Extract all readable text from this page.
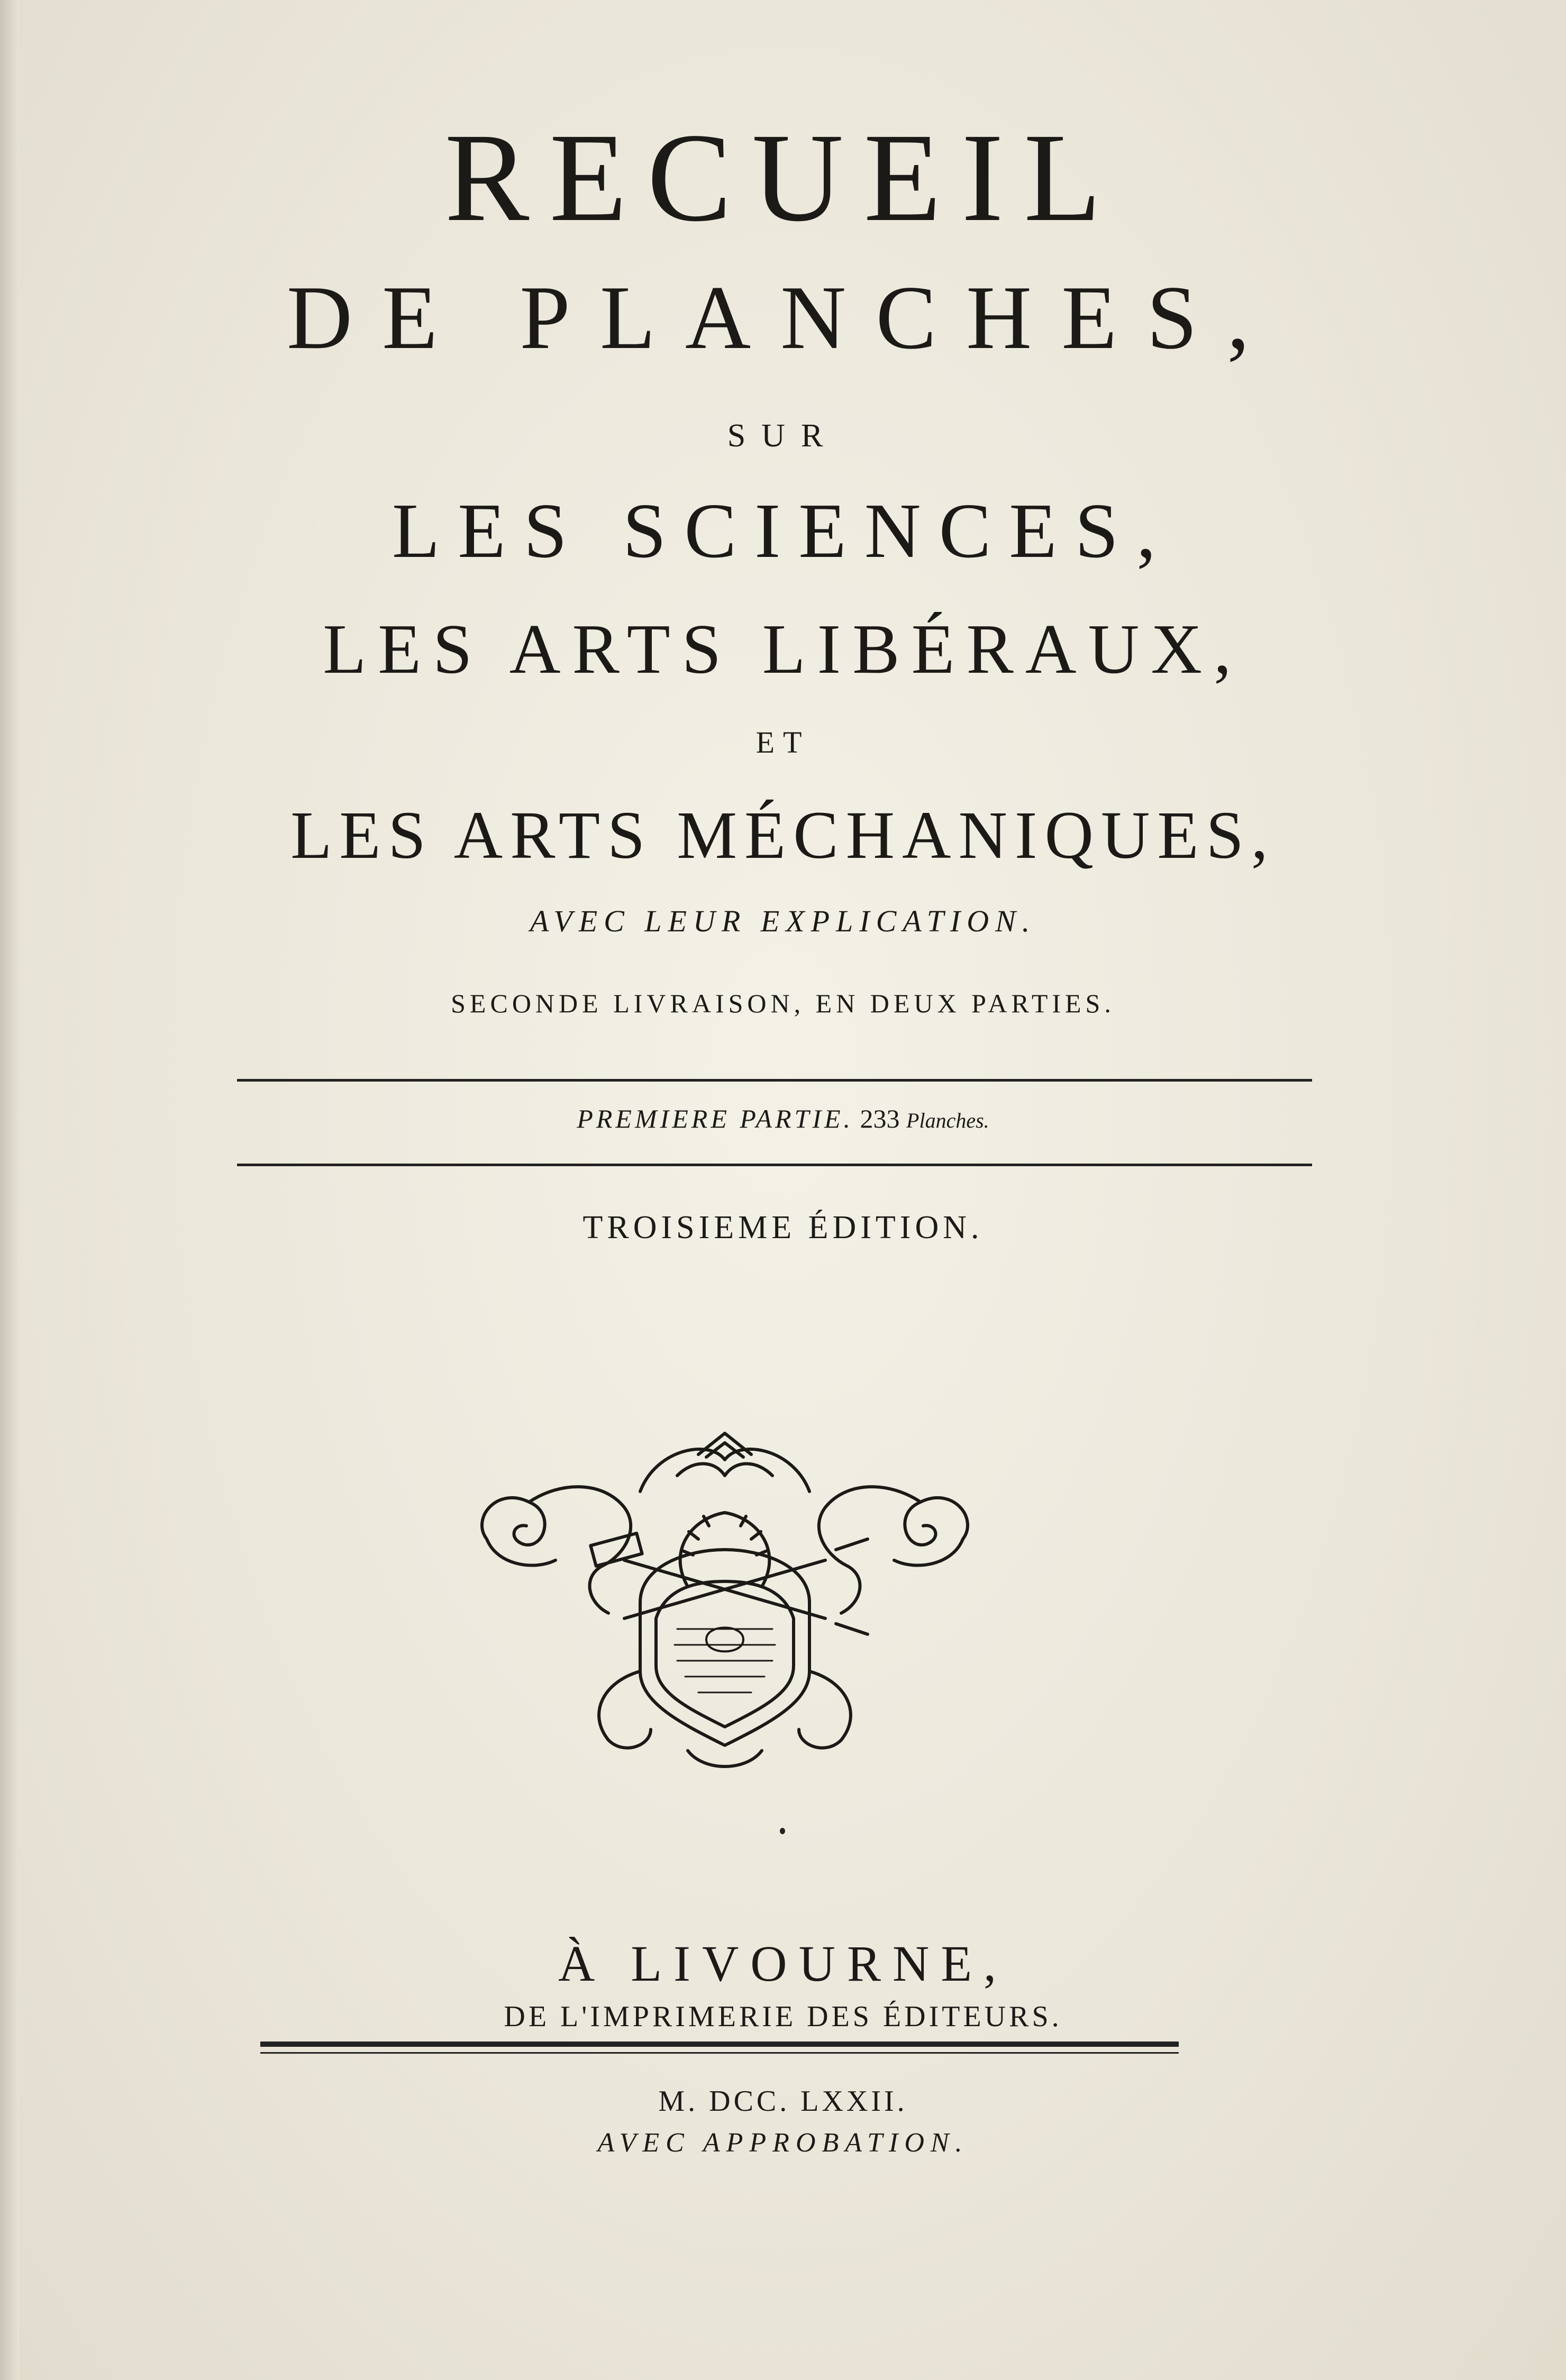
RECUEIL
DE PLANCHES,
SUR
LES SCIENCES,
LES ARTS LIBÉRAUX,
ET
LES ARTS MÉCHANIQUES,
AVEC LEUR EXPLICATION.
SECONDE LIVRAISON, EN DEUX PARTIES.
PREMIERE PARTIE. 233 Planches.
TROISIEME ÉDITION.
À LIVOURNE,
DE L'IMPRIMERIE DES ÉDITEURS.
M. DCC. LXXII.
AVEC APPROBATION.
